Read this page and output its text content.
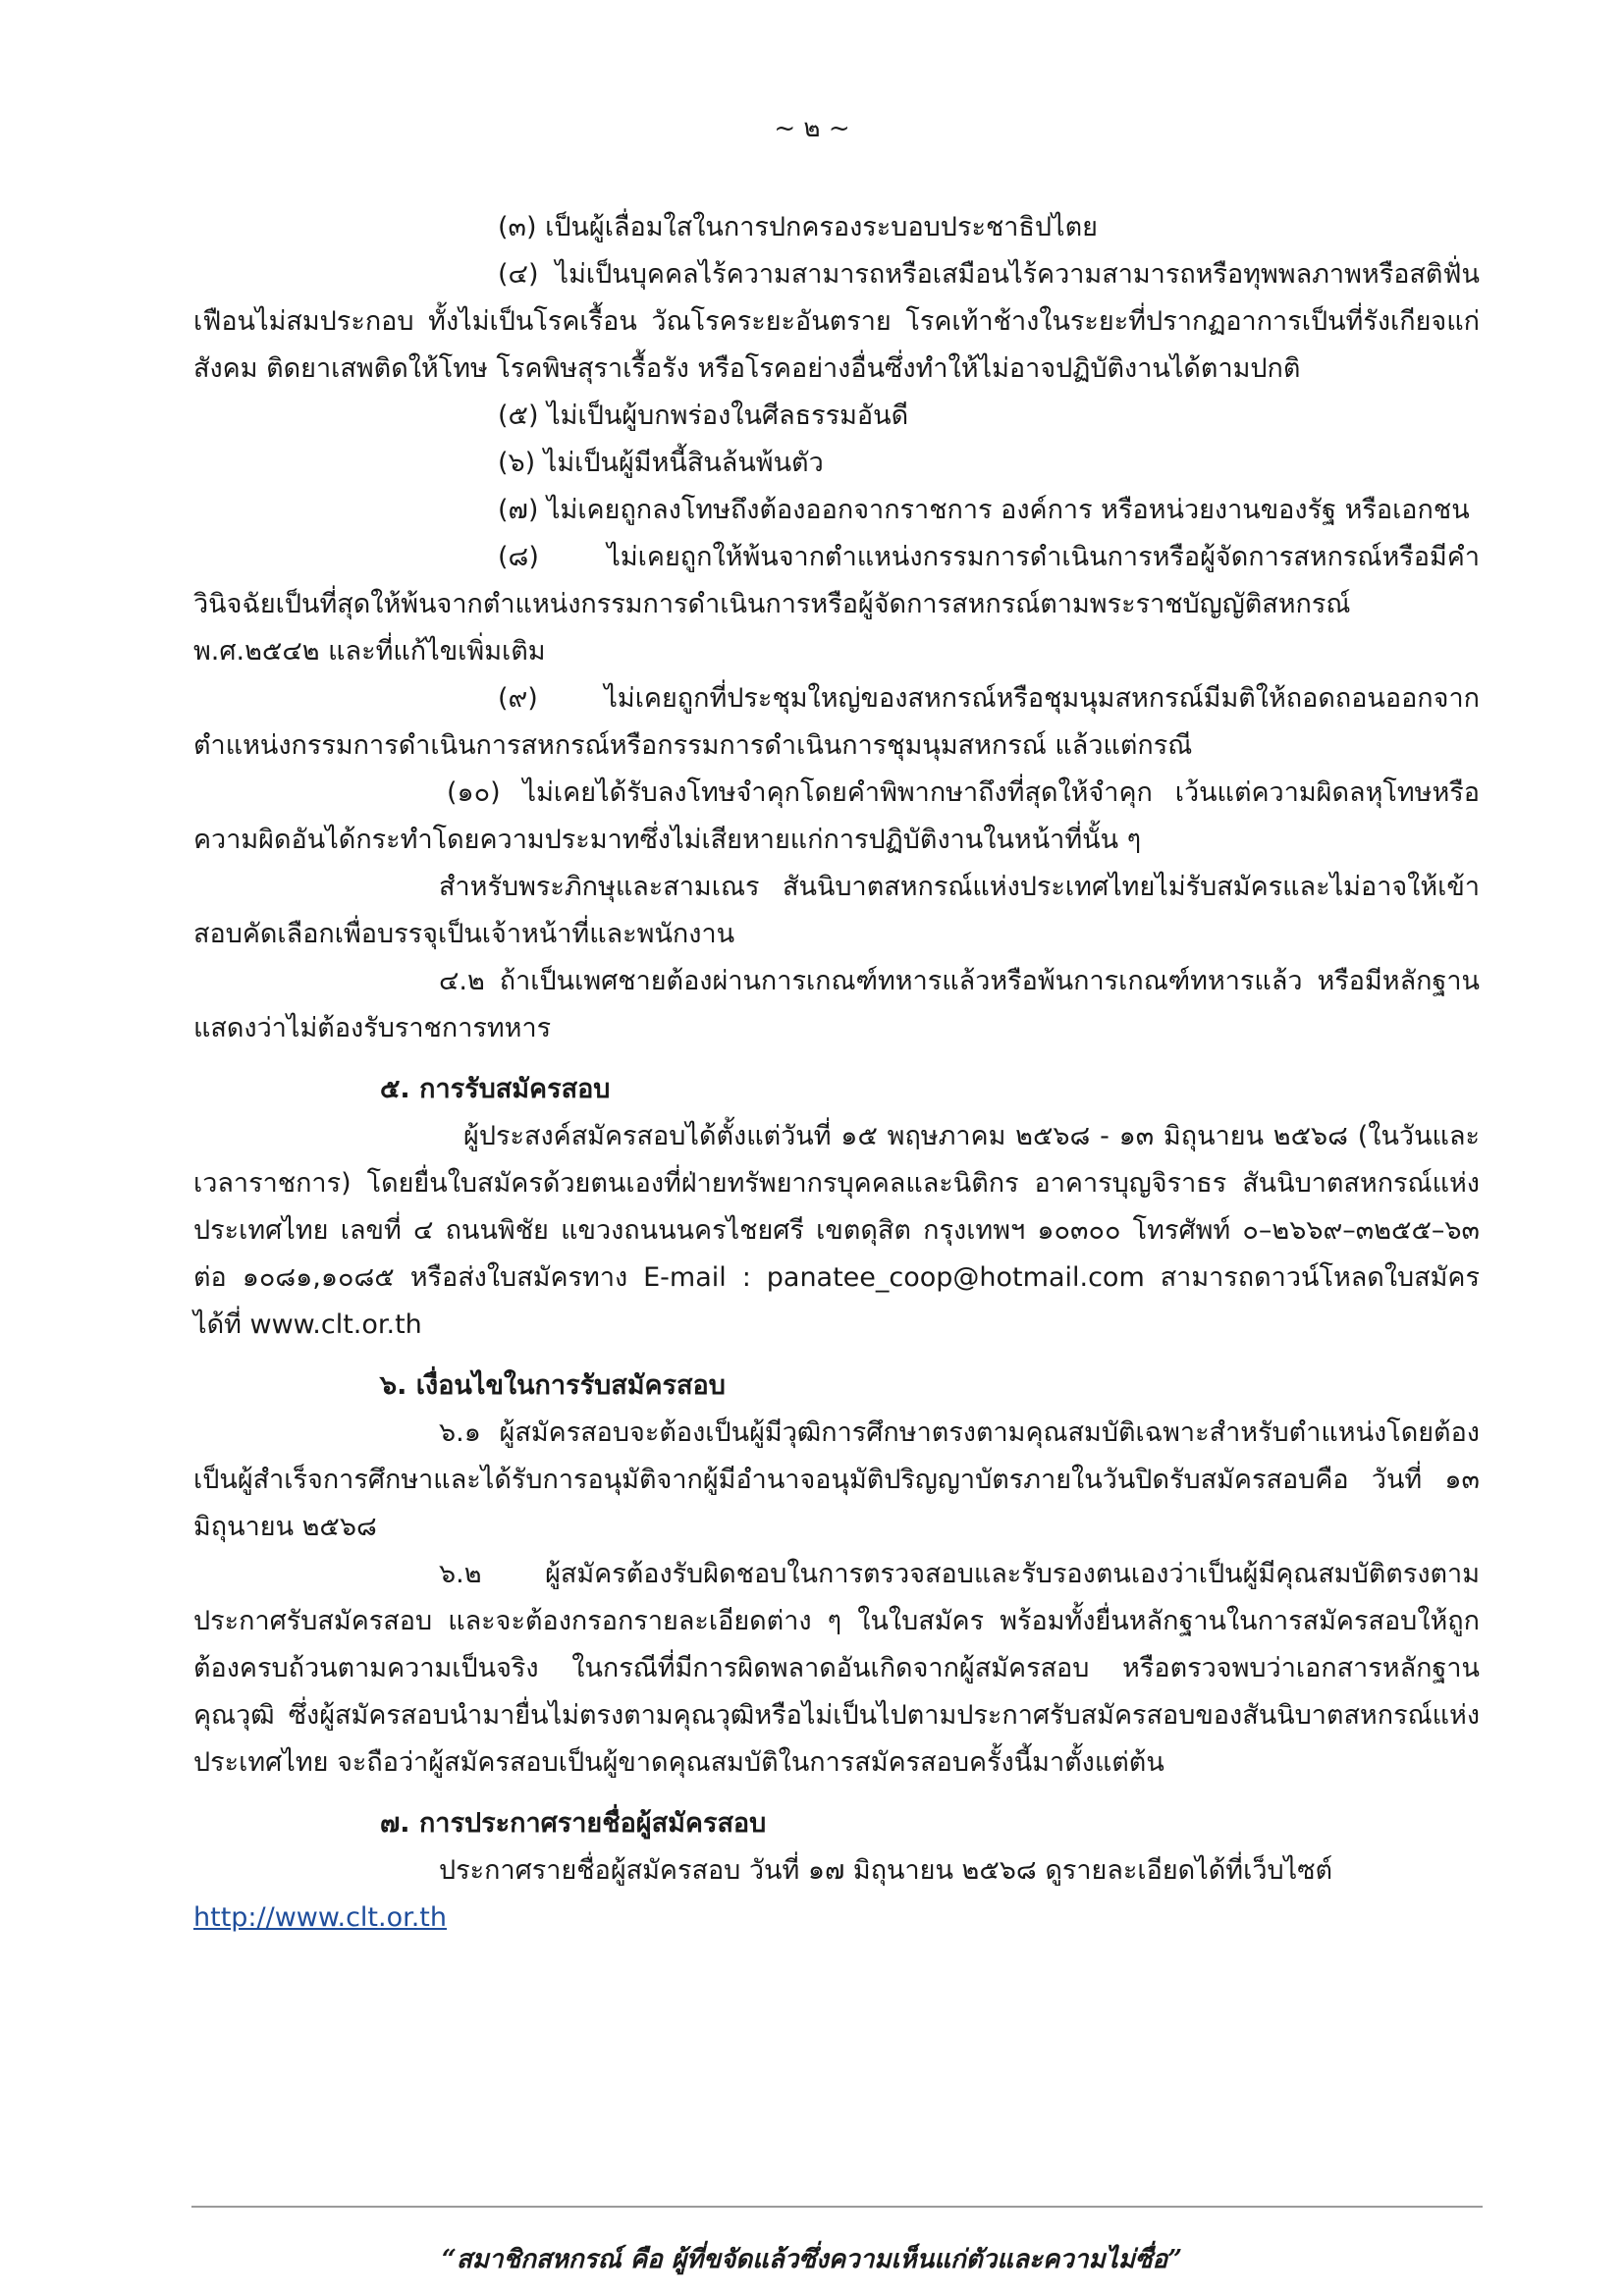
~ ๒ ~

(๓) เป็นผู้เลื่อมใสในการปกครองระบอบประชาธิปไตย

(๔) ไม่เป็นบุคคลไร้ความสามารถหรือเสมือนไร้ความสามารถหรือทุพพลภาพหรือสติฟั่นเฟือนไม่สมประกอบ ทั้งไม่เป็นโรคเรื้อน วัณโรคระยะอันตราย โรคเท้าช้างในระยะที่ปรากฏอาการเป็นที่รังเกียจแก่สังคม ติดยาเสพติดให้โทษ โรคพิษสุราเรื้อรัง หรือโรคอย่างอื่นซึ่งทำให้ไม่อาจปฏิบัติงานได้ตามปกติ

(๕) ไม่เป็นผู้บกพร่องในศีลธรรมอันดี

(๖) ไม่เป็นผู้มีหนี้สินล้นพ้นตัว

(๗) ไม่เคยถูกลงโทษถึงต้องออกจากราชการ องค์การ หรือหน่วยงานของรัฐ หรือเอกชน

(๘) ไม่เคยถูกให้พ้นจากตำแหน่งกรรมการดำเนินการหรือผู้จัดการสหกรณ์หรือมีคำวินิจฉัยเป็นที่สุดให้พ้นจากตำแหน่งกรรมการดำเนินการหรือผู้จัดการสหกรณ์ตามพระราชบัญญัติสหกรณ์ พ.ศ.๒๕๔๒ และที่แก้ไขเพิ่มเติม

(๙) ไม่เคยถูกที่ประชุมใหญ่ของสหกรณ์หรือชุมนุมสหกรณ์มีมติให้ถอดถอนออกจากตำแหน่งกรรมการดำเนินการสหกรณ์หรือกรรมการดำเนินการชุมนุมสหกรณ์ แล้วแต่กรณี

(๑๐) ไม่เคยได้รับลงโทษจำคุกโดยคำพิพากษาถึงที่สุดให้จำคุก เว้นแต่ความผิดลหุโทษหรือความผิดอันได้กระทำโดยความประมาทซึ่งไม่เสียหายแก่การปฏิบัติงานในหน้าที่นั้น ๆ

สำหรับพระภิกษุและสามเณร สันนิบาตสหกรณ์แห่งประเทศไทยไม่รับสมัครและไม่อาจให้เข้าสอบคัดเลือกเพื่อบรรจุเป็นเจ้าหน้าที่และพนักงาน

๔.๒ ถ้าเป็นเพศชายต้องผ่านการเกณฑ์ทหารแล้วหรือพ้นการเกณฑ์ทหารแล้ว หรือมีหลักฐานแสดงว่าไม่ต้องรับราชการทหาร

๕. การรับสมัครสอบ

ผู้ประสงค์สมัครสอบได้ตั้งแต่วันที่ ๑๕ พฤษภาคม ๒๕๖๘ - ๑๓ มิถุนายน ๒๕๖๘ (ในวันและเวลาราชการ) โดยยื่นใบสมัครด้วยตนเองที่ฝ่ายทรัพยากรบุคคลและนิติกร อาคารบุญจิราธร สันนิบาตสหกรณ์แห่งประเทศไทย เลขที่ ๔ ถนนพิชัย แขวงถนนนครไชยศรี เขตดุสิต กรุงเทพฯ ๑๐๓๐๐ โทรศัพท์ ๐–๒๖๖๙–๓๒๕๕–๖๓ ต่อ ๑๐๘๑,๑๐๘๕ หรือส่งใบสมัครทาง E-mail : panatee_coop@hotmail.com สามารถดาวน์โหลดใบสมัครได้ที่ www.clt.or.th

๖. เงื่อนไขในการรับสมัครสอบ

๖.๑ ผู้สมัครสอบจะต้องเป็นผู้มีวุฒิการศึกษาตรงตามคุณสมบัติเฉพาะสำหรับตำแหน่งโดยต้องเป็นผู้สำเร็จการศึกษาและได้รับการอนุมัติจากผู้มีอำนาจอนุมัติปริญญาบัตรภายในวันปิดรับสมัครสอบคือ วันที่ ๑๓ มิถุนายน ๒๕๖๘

๖.๒ ผู้สมัครต้องรับผิดชอบในการตรวจสอบและรับรองตนเองว่าเป็นผู้มีคุณสมบัติตรงตามประกาศรับสมัครสอบ และจะต้องกรอกรายละเอียดต่าง ๆ ในใบสมัคร พร้อมทั้งยื่นหลักฐานในการสมัครสอบให้ถูกต้องครบถ้วนตามความเป็นจริง ในกรณีที่มีการผิดพลาดอันเกิดจากผู้สมัครสอบ หรือตรวจพบว่าเอกสารหลักฐานคุณวุฒิ ซึ่งผู้สมัครสอบนำมายื่นไม่ตรงตามคุณวุฒิหรือไม่เป็นไปตามประกาศรับสมัครสอบของสันนิบาตสหกรณ์แห่งประเทศไทย จะถือว่าผู้สมัครสอบเป็นผู้ขาดคุณสมบัติในการสมัครสอบครั้งนี้มาตั้งแต่ต้น

๗. การประกาศรายชื่อผู้สมัครสอบ

ประกาศรายชื่อผู้สมัครสอบ วันที่ ๑๗ มิถุนายน ๒๕๖๘ ดูรายละเอียดได้ที่เว็บไซต์

http://www.clt.or.th

“สมาชิกสหกรณ์ คือ ผู้ที่ขจัดแล้วซึ่งความเห็นแก่ตัวและความไม่ซื่อ”
